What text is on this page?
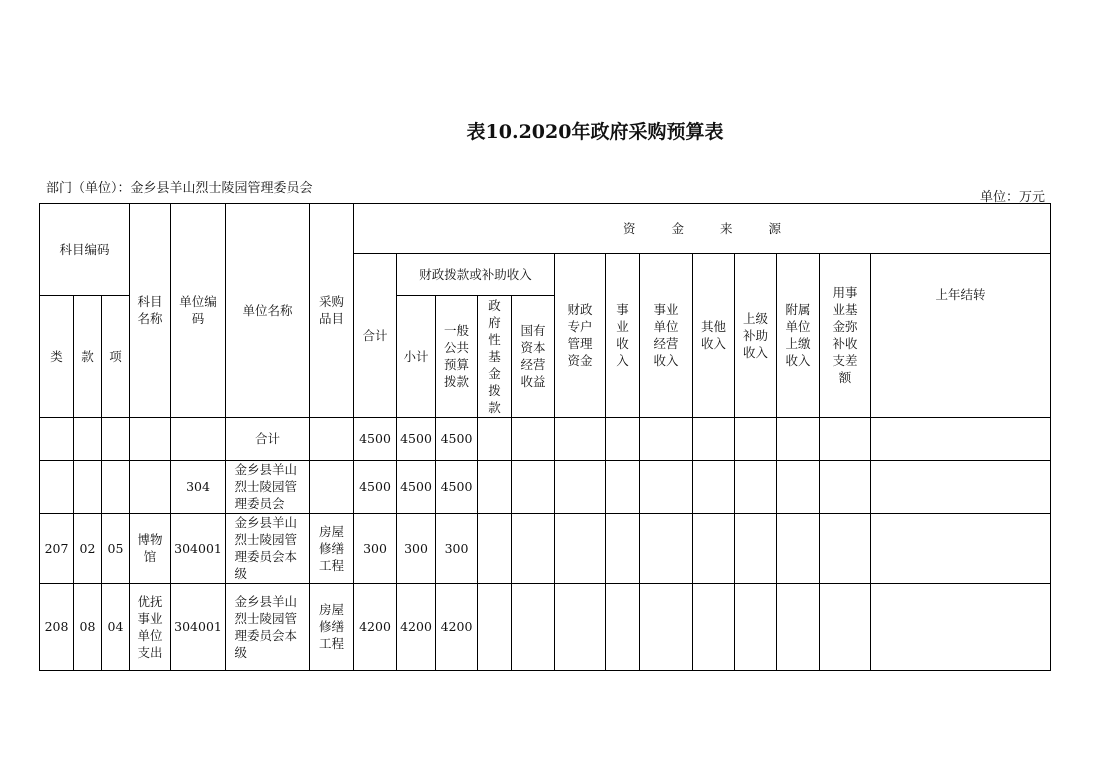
表10.2020年政府采购预算表
部门（单位）：金乡县羊山烈士陵园管理委员会
单位：万元
科目编码			科目名称	单位编码	单位名称	采购品目	资金来源												
							合计	财政拨款或补助收入				财政专户管理资金	事业收入	事业单位经营收入	其他收入	上级补助收入	附属单位上缴收入	用事业基金弥补收支差额	上年结转
类	款	项						小计	一般公共预算拨款	政府性基金拨款	国有资本经营收益								
					合计		4500	4500	4500										
				304	金乡县羊山烈士陵园管理委员会		4500	4500	4500										
207	02	05	博物馆	304001	金乡县羊山烈士陵园管理委员会本级	房屋修缮工程	300	300	300										
208	08	04	优抚事业单位支出	304001	金乡县羊山烈士陵园管理委员会本级	房屋修缮工程	4200	4200	4200										
